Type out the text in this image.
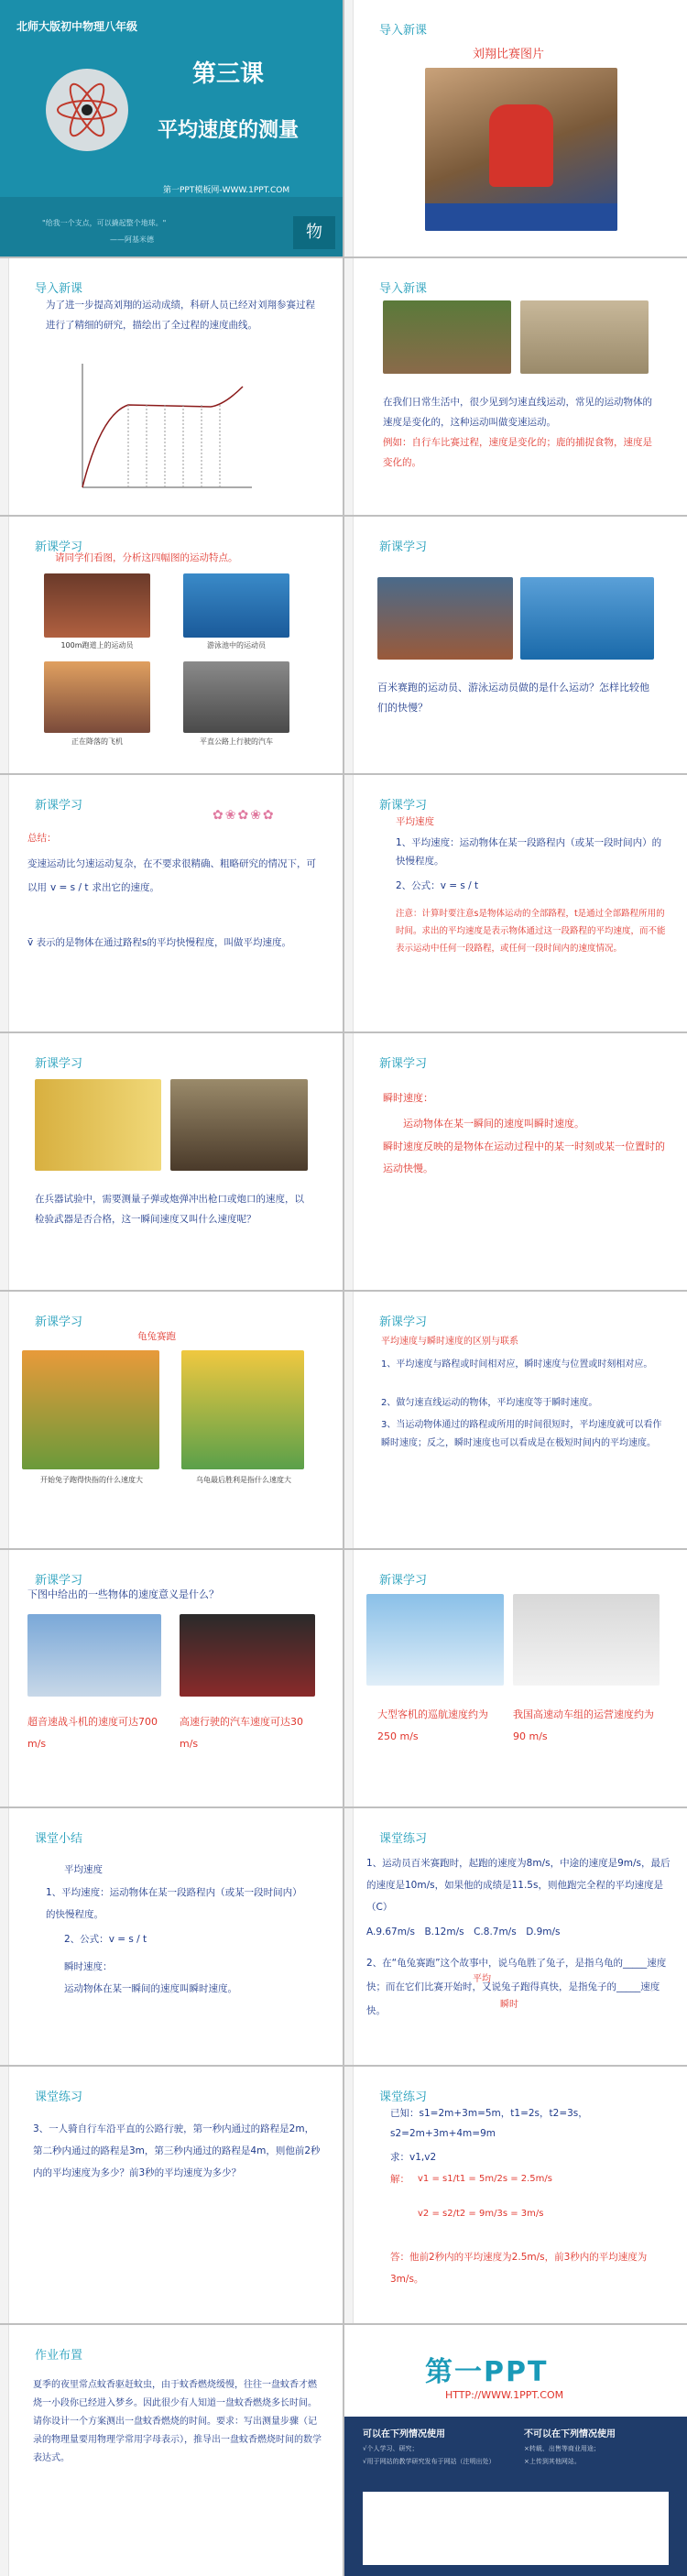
北师大版初中物理八年级
第三课
平均速度的测量
第一PPT模板网-WWW.1PPT.COM
"给我一个支点，可以撬起整个地球。"
——阿基米德	物
导入新课
刘翔比赛图片
导入新课
为了进一步提高刘翔的运动成绩，科研人员已经对刘翔参赛过程进行了精细的研究，描绘出了全过程的速度曲线。
导入新课
在我们日常生活中，很少见到匀速直线运动，常见的运动物体的速度是变化的，这种运动叫做变速运动。
例如：自行车比赛过程，速度是变化的；鹿的捕捉食物，速度是变化的。
新课学习
请同学们看图，分析这四幅图的运动特点。
100m跑道上的运动员	游泳池中的运动员
正在降落的飞机	平直公路上行驶的汽车
新课学习
百米赛跑的运动员、游泳运动员做的是什么运动？怎样比较他们的快慢？
新课学习
✿❀✿❀✿
总结：
变速运动比匀速运动复杂，在不要求很精确、粗略研究的情况下，可以用 v = s / t 求出它的速度。
v̄ 表示的是物体在通过路程s的平均快慢程度，叫做平均速度。
新课学习
平均速度
1、平均速度：运动物体在某一段路程内（或某一段时间内）的快慢程度。
2、公式：v = s / t
注意：计算时要注意s是物体运动的全部路程，t是通过全部路程所用的时间。求出的平均速度是表示物体通过这一段路程的平均速度，而不能表示运动中任何一段路程，或任何一段时间内的速度情况。
新课学习
在兵器试验中，需要测量子弹或炮弹冲出枪口或炮口的速度，以检验武器是否合格，这一瞬间速度又叫什么速度呢？
新课学习
瞬时速度：
运动物体在某一瞬间的速度叫瞬时速度。
瞬时速度反映的是物体在运动过程中的某一时刻或某一位置时的运动快慢。
新课学习
龟兔赛跑
开始兔子跑得快指的什么速度大	乌龟最后胜利是指什么速度大
新课学习
平均速度与瞬时速度的区别与联系
1、平均速度与路程或时间相对应，瞬时速度与位置或时刻相对应。
2、做匀速直线运动的物体，平均速度等于瞬时速度。
3、当运动物体通过的路程或所用的时间很短时，平均速度就可以看作瞬时速度；反之，瞬时速度也可以看成是在极短时间内的平均速度。
新课学习
下图中给出的一些物体的速度意义是什么？
超音速战斗机的速度可达700 m/s
高速行驶的汽车速度可达30 m/s
新课学习
大型客机的巡航速度约为250 m/s
我国高速动车组的运营速度约为90 m/s
课堂小结
平均速度
1、平均速度：运动物体在某一段路程内（或某一段时间内）的快慢程度。
2、公式：v = s / t
瞬时速度：
运动物体在某一瞬间的速度叫瞬时速度。
课堂练习
1、运动员百米赛跑时，起跑的速度为8m/s，中途的速度是9m/s，最后的速度是10m/s，如果他的成绩是11.5s，则他跑完全程的平均速度是（C）
A.9.67m/s　B.12m/s　C.8.7m/s　D.9m/s
2、在“龟兔赛跑”这个故事中，说乌龟胜了兔子，是指乌龟的_____速度快；而在它们比赛开始时，又说兔子跑得真快，是指兔子的_____速度快。
平均
瞬时
课堂练习
3、一人骑自行车沿平直的公路行驶，第一秒内通过的路程是2m，第二秒内通过的路程是3m，第三秒内通过的路程是4m，则他前2秒内的平均速度为多少？前3秒的平均速度为多少？
课堂练习
已知：s1=2m+3m=5m，t1=2s，t2=3s，s2=2m+3m+4m=9m
求：v1,v2
解： v1 = s1/t1 = 5m/2s = 2.5m/s
v2 = s2/t2 = 9m/3s = 3m/s
答：他前2秒内的平均速度为2.5m/s，前3秒内的平均速度为3m/s。
作业布置
夏季的夜里常点蚊香驱赶蚊虫，由于蚊香燃烧缓慢，往往一盘蚊香才燃烧一小段你已经进入梦乡。因此很少有人知道一盘蚊香燃烧多长时间。请你设计一个方案测出一盘蚊香燃烧的时间。要求：写出测量步骤（记录的物理量要用物理学常用字母表示），推导出一盘蚊香燃烧时间的数学表达式。
第一PPT
HTTP://WWW.1PPT.COM
可以在下列情况使用	不可以在下列情况使用
√个人学习、研究；
√用于网站的教学研究发布于网站（注明出处）
×转载、出售等商业用途；
×上传到其他网站。
